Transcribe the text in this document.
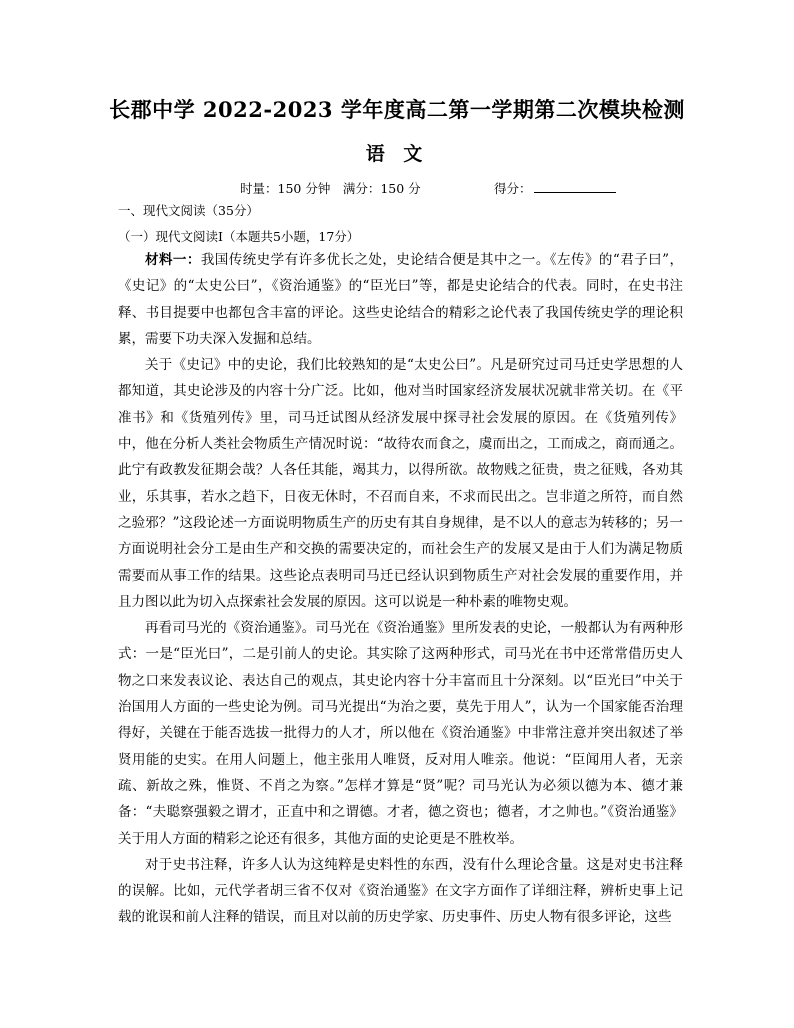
长郡中学 2022-2023 学年度高二第一学期第二次模块检测
语 文
时量：150 分钟　满分：150 分	得分：
一、现代文阅读（35分）
（一）现代文阅读Ⅰ（本题共5小题，17分）

材料一：我国传统史学有许多优长之处，史论结合便是其中之一。《左传》的“君子曰”，《史记》的“太史公曰”，《资治通鉴》的“臣光曰”等，都是史论结合的代表。同时，在史书注释、书目提要中也都包含丰富的评论。这些史论结合的精彩之论代表了我国传统史学的理论积累，需要下功夫深入发掘和总结。

关于《史记》中的史论，我们比较熟知的是“太史公曰”。凡是研究过司马迁史学思想的人都知道，其史论涉及的内容十分广泛。比如，他对当时国家经济发展状况就非常关切。在《平准书》和《货殖列传》里，司马迁试图从经济发展中探寻社会发展的原因。在《货殖列传》中，他在分析人类社会物质生产情况时说：“故待农而食之，虞而出之，工而成之，商而通之。此宁有政教发征期会哉？人各任其能，竭其力，以得所欲。故物贱之征贵，贵之征贱，各劝其业，乐其事，若水之趋下，日夜无休时，不召而自来，不求而民出之。岂非道之所符，而自然之验邪？”这段论述一方面说明物质生产的历史有其自身规律，是不以人的意志为转移的；另一方面说明社会分工是由生产和交换的需要决定的，而社会生产的发展又是由于人们为满足物质需要而从事工作的结果。这些论点表明司马迁已经认识到物质生产对社会发展的重要作用，并且力图以此为切入点探索社会发展的原因。这可以说是一种朴素的唯物史观。

再看司马光的《资治通鉴》。司马光在《资治通鉴》里所发表的史论，一般都认为有两种形式：一是“臣光曰”，二是引前人的史论。其实除了这两种形式，司马光在书中还常常借历史人物之口来发表议论、表达自己的观点，其史论内容十分丰富而且十分深刻。以“臣光曰”中关于治国用人方面的一些史论为例。司马光提出“为治之要，莫先于用人”，认为一个国家能否治理得好，关键在于能否选拔一批得力的人才，所以他在《资治通鉴》中非常注意并突出叙述了举贤用能的史实。在用人问题上，他主张用人唯贤，反对用人唯亲。他说：“臣闻用人者，无亲疏、新故之殊，惟贤、不肖之为察。”怎样才算是“贤”呢？司马光认为必须以德为本、德才兼备：“夫聪察强毅之谓才，正直中和之谓德。才者，德之资也；德者，才之帅也。”《资治通鉴》关于用人方面的精彩之论还有很多，其他方面的史论更是不胜枚举。

对于史书注释，许多人认为这纯粹是史料性的东西，没有什么理论含量。这是对史书注释的误解。比如，元代学者胡三省不仅对《资治通鉴》在文字方面作了详细注释，辨析史事上记载的讹误和前人注释的错误，而且对以前的历史学家、历史事件、历史人物有很多评论，这些
